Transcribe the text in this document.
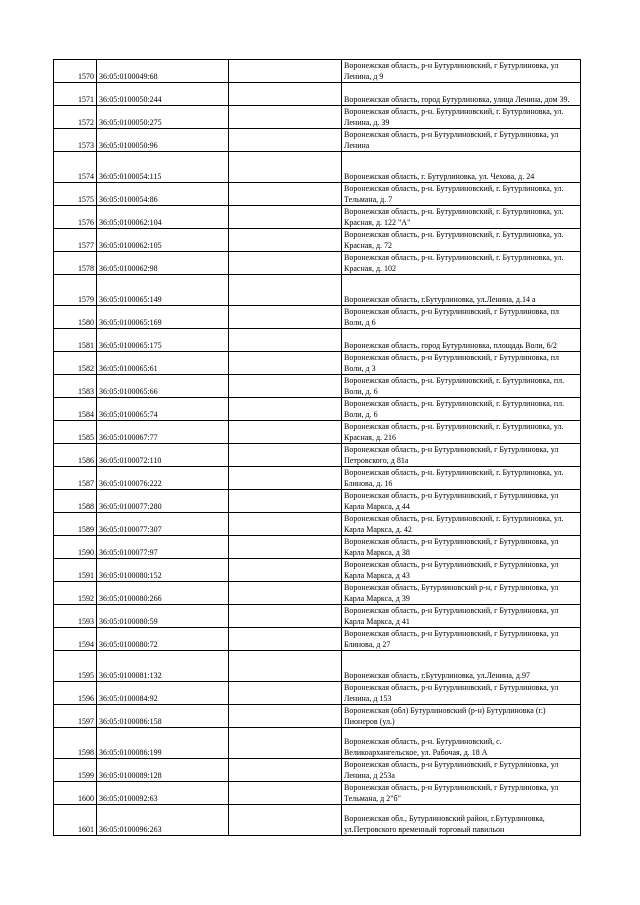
1570	36:05:0100049:68		Воронежская область, р-н Бутурлиновский, г Бутурлиновка, ул Ленина, д 9
1571	36:05:0100050:244		Воронежская область, город Бутурлиновка, улица Ленина, дом 39.
1572	36:05:0100050:275		Воронежская область, р-н. Бутурлиновский, г. Бутурлиновка, ул. Ленина, д. 39
1573	36:05:0100050:96		Воронежская область, р-н Бутурлиновский, г Бутурлиновка, ул Ленина
1574	36:05:0100054:115		Воронежская область, г. Бутурлиновка, ул. Чехова, д. 24
1575	36:05:0100054:86		Воронежская область, р-н. Бутурлиновский, г. Бутурлиновка, ул. Тельмана, д. 7
1576	36:05:0100062:104		Воронежская область, р-н. Бутурлиновский, г. Бутурлиновка, ул. Красная, д. 122 "А"
1577	36:05:0100062:105		Воронежская область, р-н. Бутурлиновский, г. Бутурлиновка, ул. Красная, д. 72
1578	36:05:0100062:98		Воронежская область, р-н. Бутурлиновский, г. Бутурлиновка, ул. Красная, д. 102
1579	36:05:0100065:149		Воронежская область, г.Бутурлиновка, ул.Ленина, д.14 а
1580	36:05:0100065:169		Воронежская область, р-н Бутурлиновский, г Бутурлиновка, пл Воли, д 6
1581	36:05:0100065:175		Воронежская область, город Бутурлиновка, площадь Воли, 6/2
1582	36:05:0100065:61		Воронежская область, р-н Бутурлиновский, г Бутурлиновка, пл Воли, д 3
1583	36:05:0100065:66		Воронежская область, р-н. Бутурлиновский, г. Бутурлиновка, пл. Воли, д. 6
1584	36:05:0100065:74		Воронежская область, р-н. Бутурлиновский, г. Бутурлиновка, пл. Воли, д. 6
1585	36:05:0100067:77		Воронежская область, р-н. Бутурлиновский, г. Бутурлиновка, ул. Красная, д. 216
1586	36:05:0100072:110		Воронежская область, р-н Бутурлиновский, г Бутурлиновка, ул Петровского, д 81а
1587	36:05:0100076:222		Воронежская область, р-н. Бутурлиновский, г. Бутурлиновка, ул. Блинова, д. 16
1588	36:05:0100077:280		Воронежская область, р-н Бутурлиновский, г Бутурлиновка, ул Карла Маркса, д 44
1589	36:05:0100077:307		Воронежская область, р-н. Бутурлиновский, г. Бутурлиновка, ул. Карла Маркса, д. 42
1590	36:05:0100077:97		Воронежская область, р-н Бутурлиновский, г Бутурлиновка, ул Карла Маркса, д 38
1591	36:05:0100080:152		Воронежская область, р-н Бутурлиновский, г Бутурлиновка, ул Карла Маркса, д 43
1592	36:05:0100080:266		Воронежская область, Бутурлиновский р-н, г Бутурлиновка, ул Карла Маркса, д 39
1593	36:05:0100080:59		Воронежская область, р-н Бутурлиновский, г Бутурлиновка, ул Карла Маркса, д 41
1594	36:05:0100080:72		Воронежская область, р-н Бутурлиновский, г Бутурлиновка, ул Блинова, д 27
1595	36:05:0100081:132		Воронежская область, г.Бутурлиновка, ул.Ленина, д.97
1596	36:05:0100084:92		Воронежская область, р-н Бутурлиновский, г Бутурлиновка, ул Ленина, д 153
1597	36:05:0100086:158		Воронежская (обл) Бутурлиновский (р-н) Бутурлиновка (г.) Пионеров (ул.)
1598	36:05:0100086:199		Воронежская область, р-н. Бутурлиновский, с. Великоархангельское, ул. Рабочая, д. 18 А
1599	36:05:0100089:128		Воронежская область, р-н Бутурлиновский, г Бутурлиновка, ул Ленина, д 253а
1600	36:05:0100092:63		Воронежская область, р-н Бутурлиновский, г Бутурлиновка, ул Тельмана, д 2"б"
1601	36:05:0100096:263		Воронежская обл., Бутурлиновский район, г.Бутурлиновка, ул.Петровского временный торговый павильон
